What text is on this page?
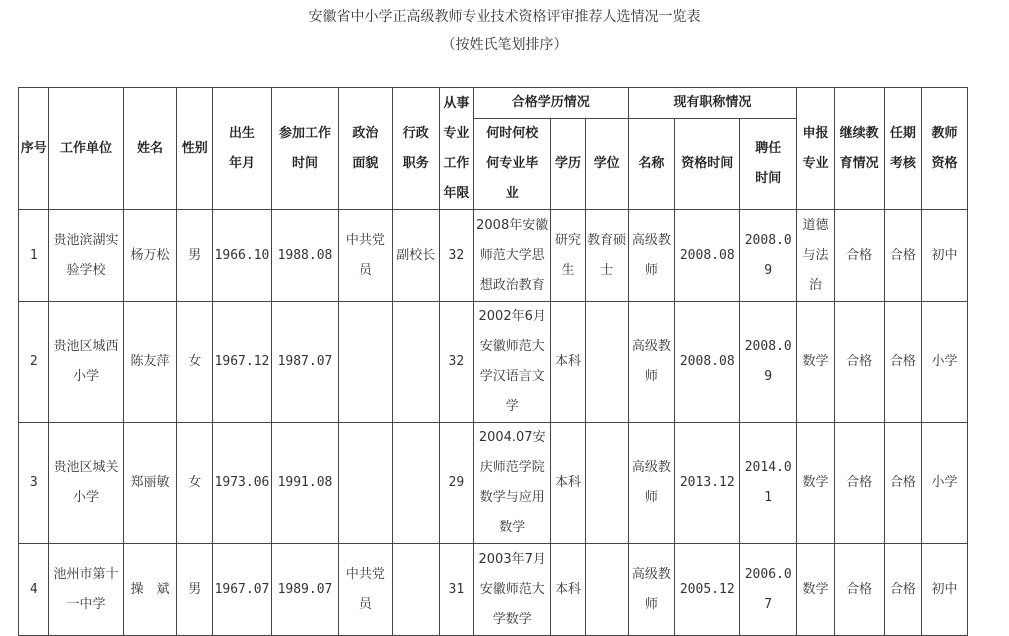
安徽省中小学正高级教师专业技术资格评审推荐人选情况一览表
（按姓氏笔划排序）
序号	工作单位	姓名	性别	出生年月	参加工作时间	政治面貌	行政职务	从事专业工作年限	合格学历情况			现有职称情况			申报专业	继续教育情况	任期考核	教师资格
									何时何校何专业毕业	学历	学位	名称	资格时间	聘任时间				
1	贵池滨湖实验学校	杨万松	男	1966.10	1988.08	中共党员	副校长	32	2008年安徽师范大学思想政治教育	研究生	教育硕士	高级教师	2008.08	2008.09	道德与法治	合格	合格	初中
2	贵池区城西小学	陈友萍	女	1967.12	1987.07			32	2002年6月安徽师范大学汉语言文学	本科		高级教师	2008.08	2008.09	数学	合格	合格	小学
3	贵池区城关小学	郑丽敏	女	1973.06	1991.08			29	2004.07安庆师范学院数学与应用数学	本科		高级教师	2013.12	2014.01	数学	合格	合格	小学
4	池州市第十一中学	操　斌	男	1967.07	1989.07	中共党员		31	2003年7月安徽师范大学数学	本科		高级教师	2005.12	2006.07	数学	合格	合格	初中
